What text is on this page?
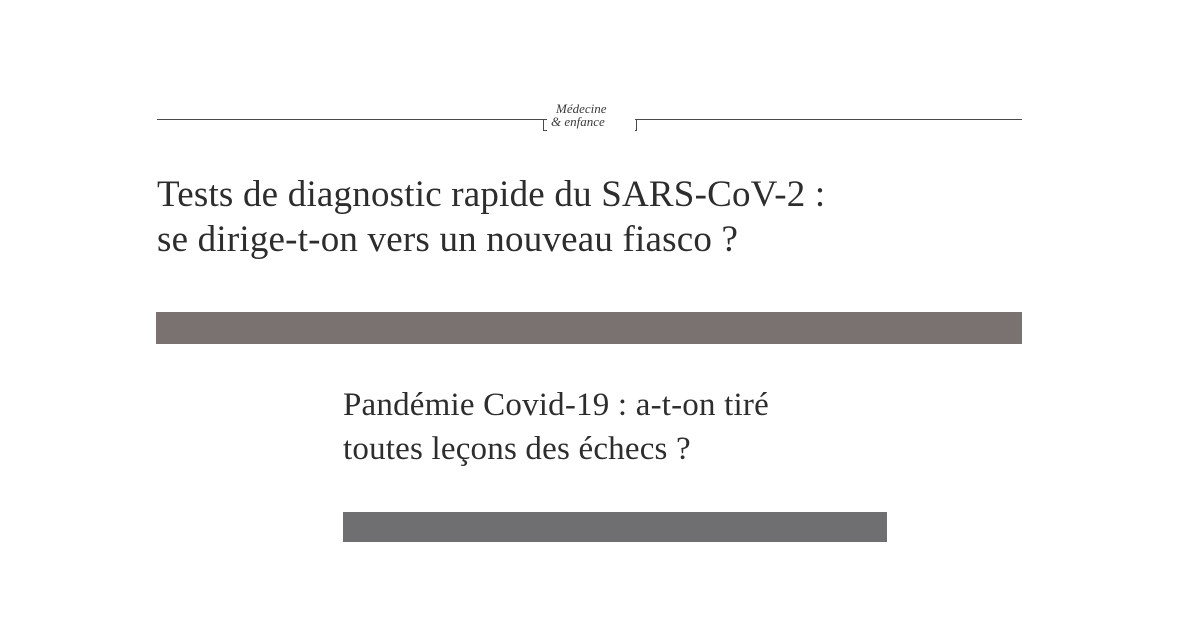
Médecine
& enfance
Tests de diagnostic rapide du SARS-CoV-2 :
se dirige-t-on vers un nouveau fiasco ?
Pandémie Covid-19 : a-t-on tiré
toutes leçons des échecs ?
